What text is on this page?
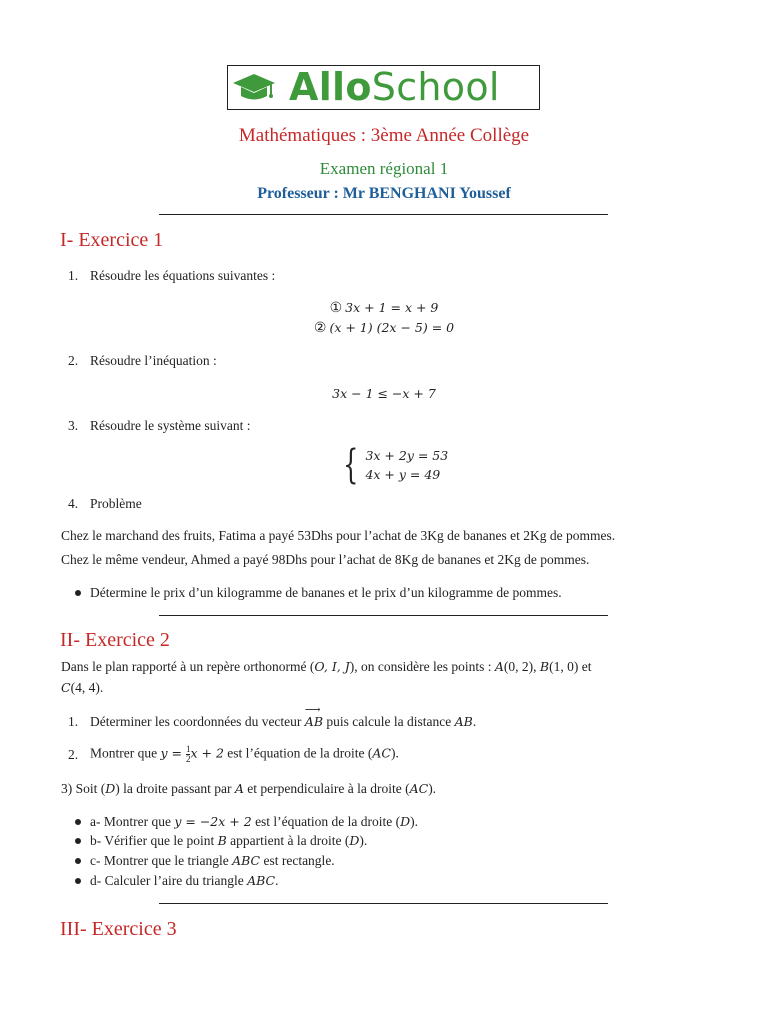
AlloSchool
Mathématiques : 3ème Année Collège
Examen régional 1
Professeur : Mr BENGHANI Youssef
I- Exercice 1
1. Résoudre les équations suivantes :
① 3x + 1 = x + 9
② (x + 1) (2x − 5) = 0
2. Résoudre l’inéquation :
3x − 1 ≤ −x + 7
3. Résoudre le système suivant :
{ 3x + 2y = 53
4x + y = 49
4. Problème
Chez le marchand des fruits, Fatima a payé 53Dhs pour l’achat de 3Kg de bananes et 2Kg de pommes.
Chez le même vendeur, Ahmed a payé 98Dhs pour l’achat de 8Kg de bananes et 2Kg de pommes.
Détermine le prix d’un kilogramme de bananes et le prix d’un kilogramme de pommes.
II- Exercice 2
Dans le plan rapporté à un repère orthonormé (O, I, J), on considère les points : A(0, 2), B(1, 0) et
C(4, 4).
1. Déterminer les coordonnées du vecteur ⟶ AB puis calcule la distance AB.
2. Montrer que $y = \frac{1}{2}$ x + 2 est l’équation de la droite (AC).
3) Soit (D) la droite passant par A et perpendiculaire à la droite (AC).
a- Montrer que y = −2x + 2 est l’équation de la droite (D).
b- Vérifier que le point B appartient à la droite (D).
c- Montrer que le triangle ABC est rectangle.
d- Calculer l’aire du triangle ABC.
III- Exercice 3
